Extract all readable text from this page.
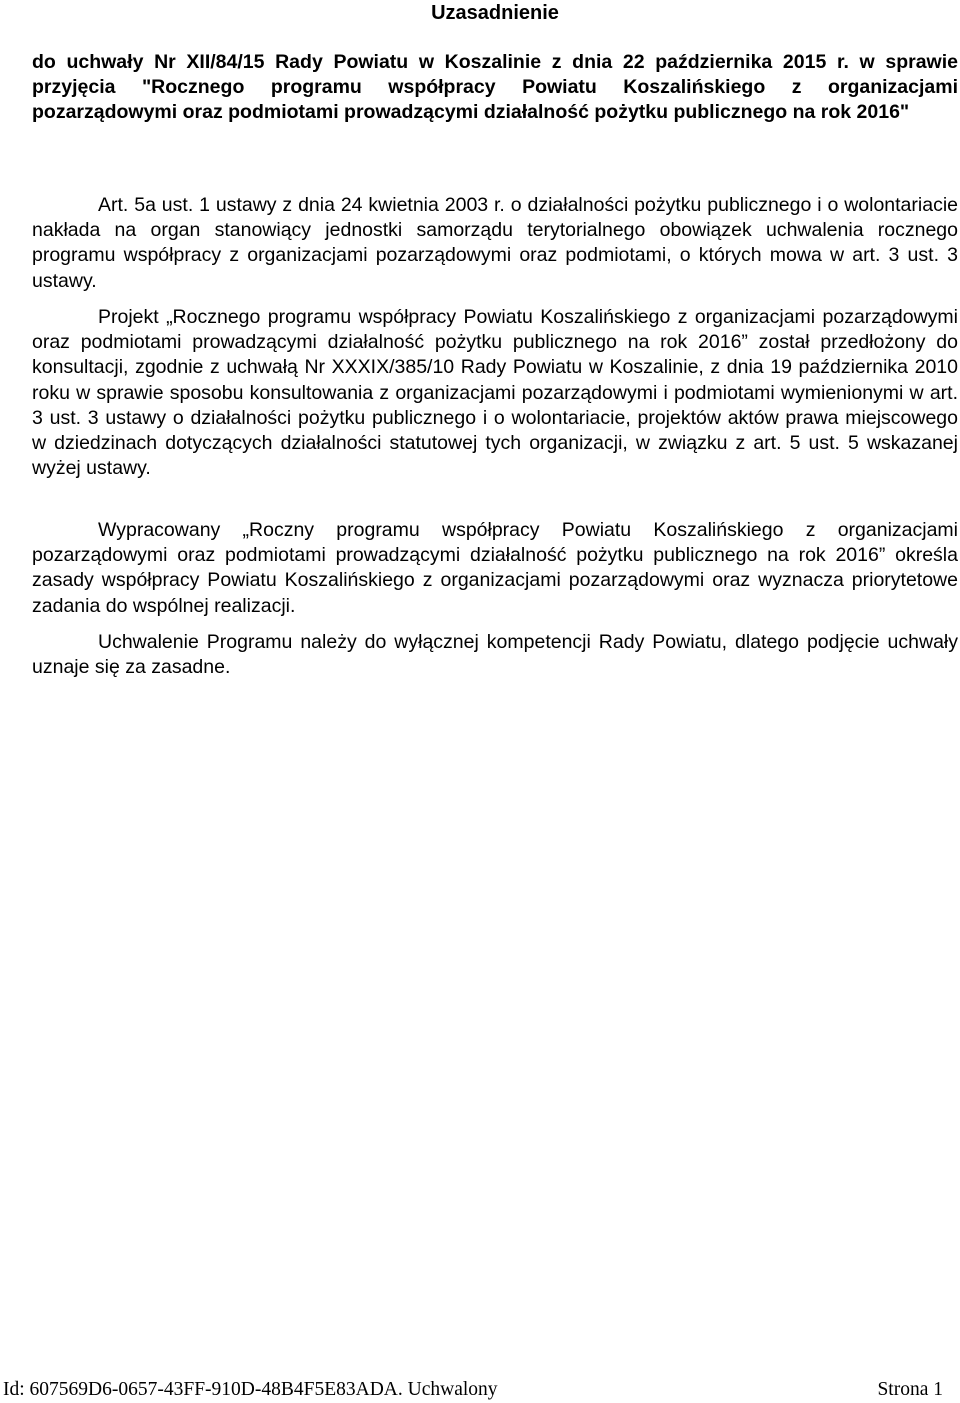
Uzasadnienie

do uchwały Nr XII/84/15 Rady Powiatu w Koszalinie z dnia 22 października 2015 r. w sprawie przyjęcia "Rocznego programu współpracy Powiatu Koszalińskiego z organizacjami pozarządowymi oraz podmiotami prowadzącymi działalność pożytku publicznego na rok 2016"

Art. 5a ust. 1 ustawy z dnia 24 kwietnia 2003 r. o działalności pożytku publicznego i o wolontariacie nakłada na organ stanowiący jednostki samorządu terytorialnego obowiązek uchwalenia rocznego programu współpracy z organizacjami pozarządowymi oraz podmiotami, o których mowa w art. 3 ust. 3 ustawy.

Projekt „Rocznego programu współpracy Powiatu Koszalińskiego z organizacjami pozarządowymi oraz podmiotami prowadzącymi działalność pożytku publicznego na rok 2016” został przedłożony do konsultacji, zgodnie z uchwałą Nr XXXIX/385/10 Rady Powiatu w Koszalinie, z dnia 19 października 2010 roku w sprawie sposobu konsultowania z organizacjami pozarządowymi i podmiotami wymienionymi w art. 3 ust. 3 ustawy o działalności pożytku publicznego i o wolontariacie, projektów aktów prawa miejscowego w dziedzinach dotyczących działalności statutowej tych organizacji, w związku z art. 5 ust. 5 wskazanej wyżej ustawy.

Wypracowany „Roczny programu współpracy Powiatu Koszalińskiego z organizacjami pozarządowymi oraz podmiotami prowadzącymi działalność pożytku publicznego na rok 2016” określa zasady współpracy Powiatu Koszalińskiego z organizacjami pozarządowymi oraz wyznacza priorytetowe zadania do wspólnej realizacji.

Uchwalenie Programu należy do wyłącznej kompetencji Rady Powiatu, dlatego podjęcie uchwały uznaje się za zasadne.

Id: 607569D6-0657-43FF-910D-48B4F5E83ADA. Uchwalony	Strona 1
